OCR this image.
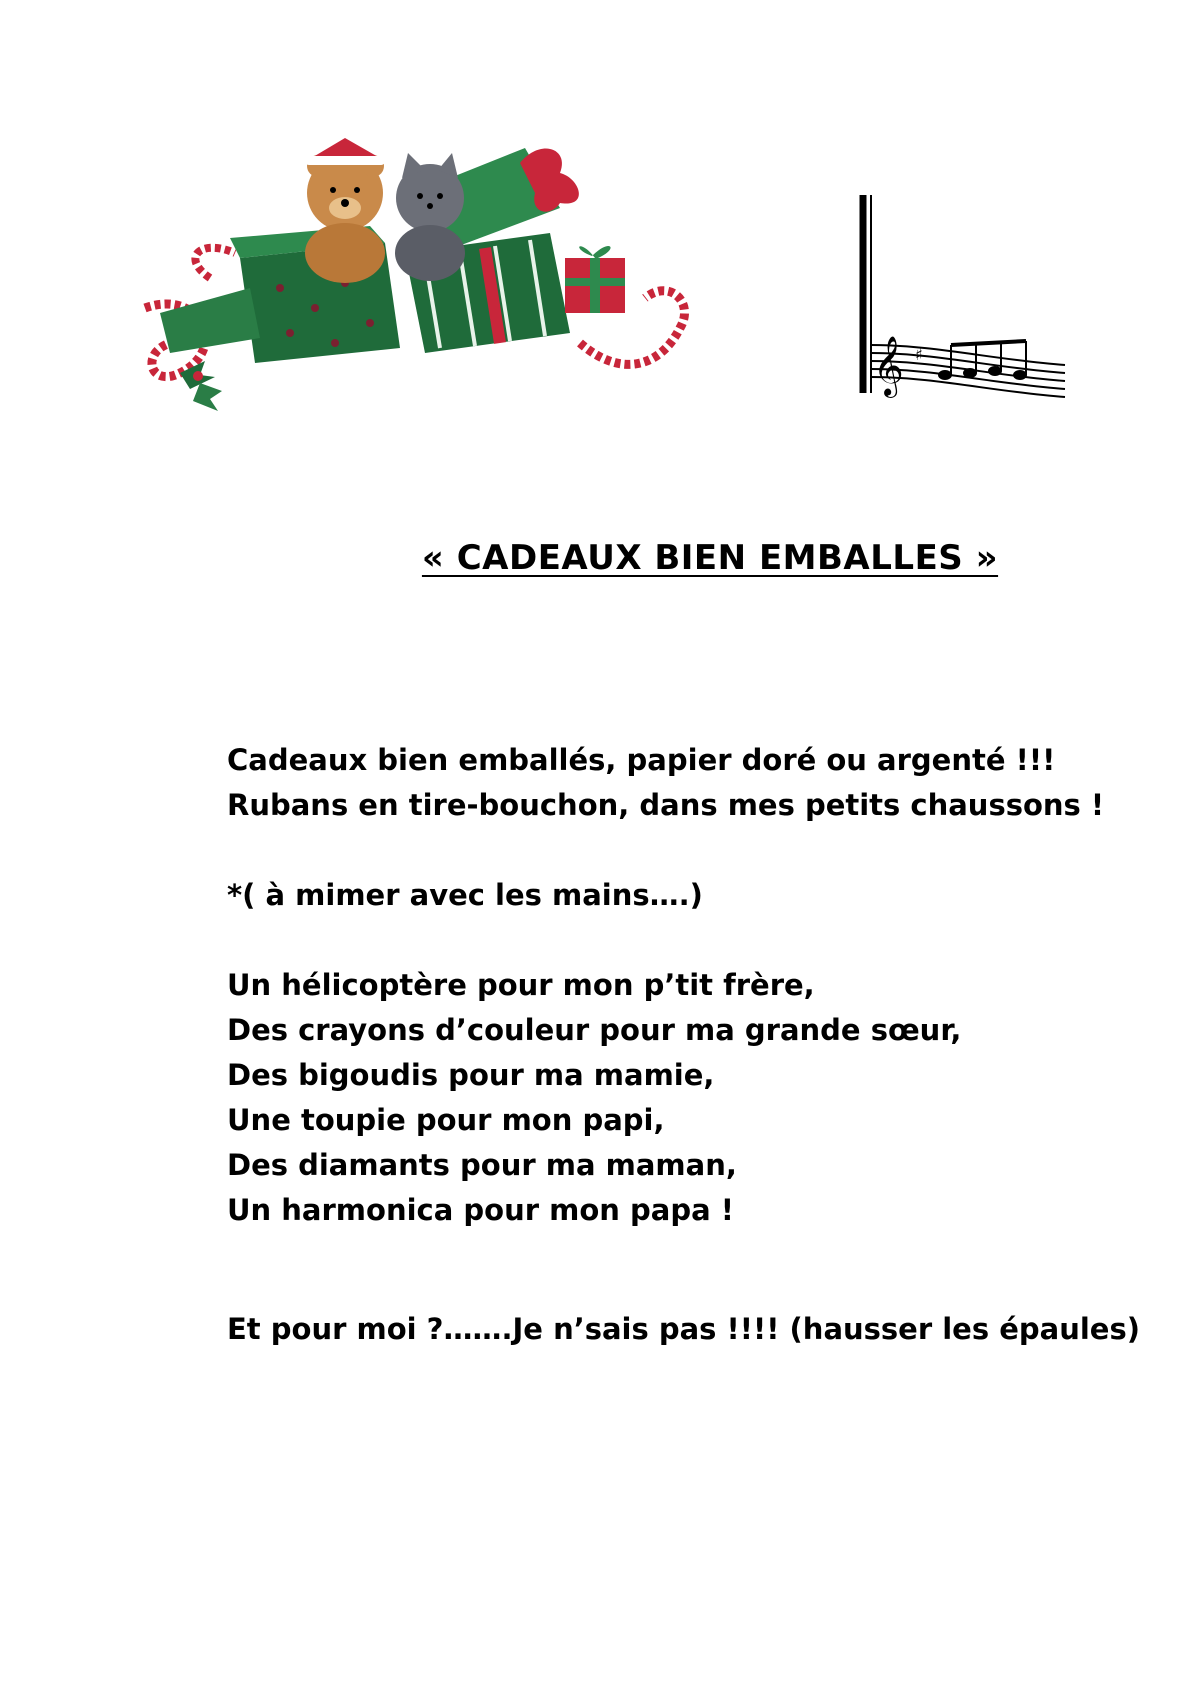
𝄞 ♯
« CADEAUX BIEN EMBALLES »
Cadeaux bien emballés, papier doré ou argenté !!!
Rubans en tire-bouchon, dans mes petits chaussons !
*( à mimer avec les mains….)
Un hélicoptère pour mon p’tit frère,
Des crayons d’couleur pour ma grande sœur,
Des bigoudis pour ma mamie,
Une toupie pour mon papi,
Des diamants pour ma maman,
Un harmonica pour mon papa !
Et pour moi ?…….Je n’sais pas !!!! (hausser les épaules)
